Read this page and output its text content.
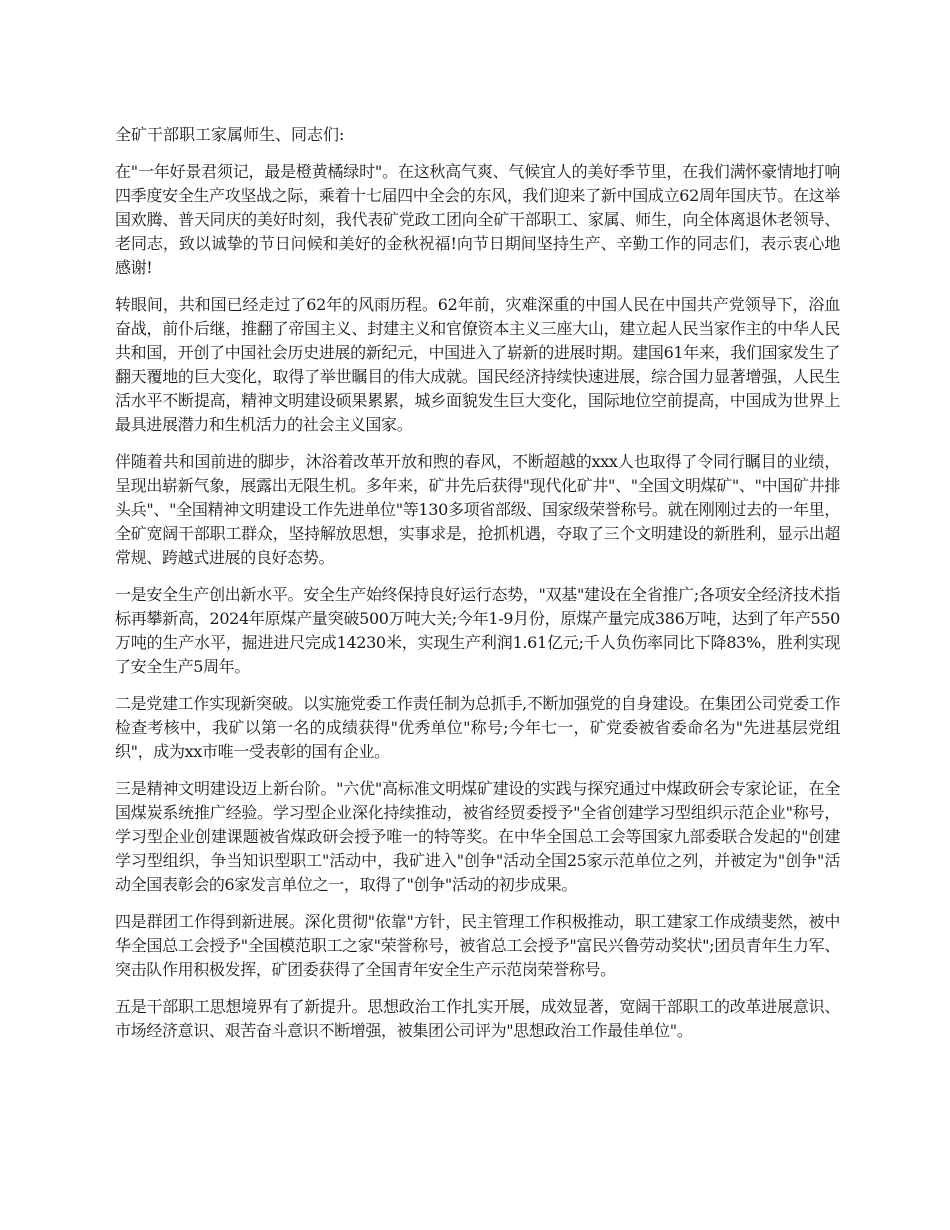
全矿干部职工家属师生、同志们:

在"一年好景君须记，最是橙黄橘绿时"。在这秋高气爽、气候宜人的美好季节里，在我们满怀豪情地打响四季度安全生产攻坚战之际，乘着十七届四中全会的东风，我们迎来了新中国成立62周年国庆节。在这举国欢腾、普天同庆的美好时刻，我代表矿党政工团向全矿干部职工、家属、师生，向全体离退休老领导、老同志，致以诚挚的节日问候和美好的金秋祝福!向节日期间坚持生产、辛勤工作的同志们，表示衷心地感谢!

转眼间，共和国已经走过了62年的风雨历程。62年前，灾难深重的中国人民在中国共产党领导下，浴血奋战，前仆后继，推翻了帝国主义、封建主义和官僚资本主义三座大山，建立起人民当家作主的中华人民共和国，开创了中国社会历史进展的新纪元，中国进入了崭新的进展时期。建国61年来，我们国家发生了翻天覆地的巨大变化，取得了举世瞩目的伟大成就。国民经济持续快速进展，综合国力显著增强，人民生活水平不断提高，精神文明建设硕果累累，城乡面貌发生巨大变化，国际地位空前提高，中国成为世界上最具进展潜力和生机活力的社会主义国家。

伴随着共和国前进的脚步，沐浴着改革开放和煦的春风，不断超越的xxx人也取得了令同行瞩目的业绩，呈现出崭新气象，展露出无限生机。多年来，矿井先后获得"现代化矿井"、"全国文明煤矿"、"中国矿井排头兵"、"全国精神文明建设工作先进单位"等130多项省部级、国家级荣誉称号。就在刚刚过去的一年里，全矿宽阔干部职工群众，坚持解放思想，实事求是，抢抓机遇，夺取了三个文明建设的新胜利，显示出超常规、跨越式进展的良好态势。

一是安全生产创出新水平。安全生产始终保持良好运行态势，"双基"建设在全省推广;各项安全经济技术指标再攀新高，2024年原煤产量突破500万吨大关;今年1-9月份，原煤产量完成386万吨，达到了年产550万吨的生产水平，掘进进尺完成14230米，实现生产利润1.61亿元;千人负伤率同比下降83%，胜利实现了安全生产5周年。

二是党建工作实现新突破。以实施党委工作责任制为总抓手,不断加强党的自身建设。在集团公司党委工作检查考核中，我矿以第一名的成绩获得"优秀单位"称号;今年七一，矿党委被省委命名为"先进基层党组织"，成为xx市唯一受表彰的国有企业。

三是精神文明建设迈上新台阶。"六优"高标准文明煤矿建设的实践与探究通过中煤政研会专家论证，在全国煤炭系统推广经验。学习型企业深化持续推动，被省经贸委授予"全省创建学习型组织示范企业"称号，学习型企业创建课题被省煤政研会授予唯一的特等奖。在中华全国总工会等国家九部委联合发起的"创建学习型组织，争当知识型职工"活动中，我矿进入"创争"活动全国25家示范单位之列，并被定为"创争"活动全国表彰会的6家发言单位之一，取得了"创争"活动的初步成果。

四是群团工作得到新进展。深化贯彻"依靠"方针，民主管理工作积极推动，职工建家工作成绩斐然，被中华全国总工会授予"全国模范职工之家"荣誉称号，被省总工会授予"富民兴鲁劳动奖状";团员青年生力军、突击队作用积极发挥，矿团委获得了全国青年安全生产示范岗荣誉称号。

五是干部职工思想境界有了新提升。思想政治工作扎实开展，成效显著，宽阔干部职工的改革进展意识、市场经济意识、艰苦奋斗意识不断增强，被集团公司评为"思想政治工作最佳单位"。
